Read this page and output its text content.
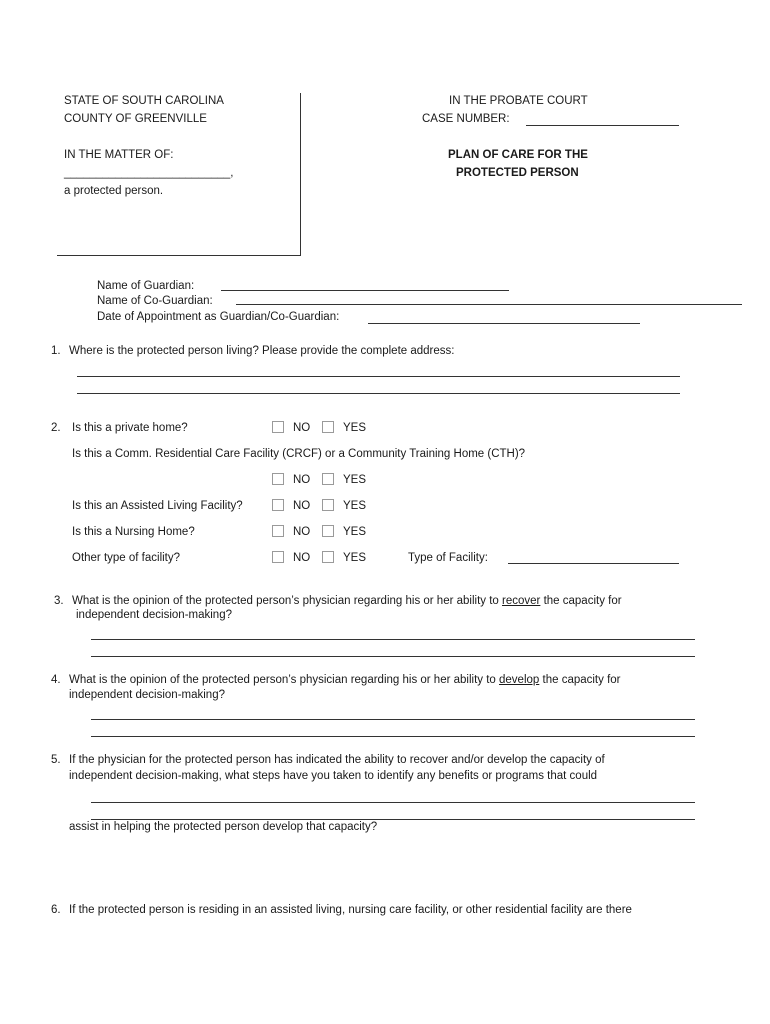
STATE OF SOUTH CAROLINA
COUNTY OF GREENVILLE
IN THE MATTER OF:
__________________________,
a protected person.
IN THE PROBATE COURT
CASE NUMBER:
PLAN OF CARE FOR THE
PROTECTED PERSON
Name of Guardian:
Name of Co-Guardian:
Date of Appointment as Guardian/Co-Guardian:
1. Where is the protected person living? Please provide the complete address:
2. Is this a private home?	NO	YES
Is this a Comm. Residential Care Facility (CRCF) or a Community Training Home (CTH)?
NO	YES
Is this an Assisted Living Facility?	NO	YES
Is this a Nursing Home?	NO	YES
Other type of facility?	NO	YES	Type of Facility:
3. What is the opinion of the protected person’s physician regarding his or her ability to recover the capacity for
independent decision-making?
4. What is the opinion of the protected person’s physician regarding his or her ability to develop the capacity for
independent decision-making?
5. If the physician for the protected person has indicated the ability to recover and/or develop the capacity of
independent decision-making, what steps have you taken to identify any benefits or programs that could
assist in helping the protected person develop that capacity?
6. If the protected person is residing in an assisted living, nursing care facility, or other residential facility are there
